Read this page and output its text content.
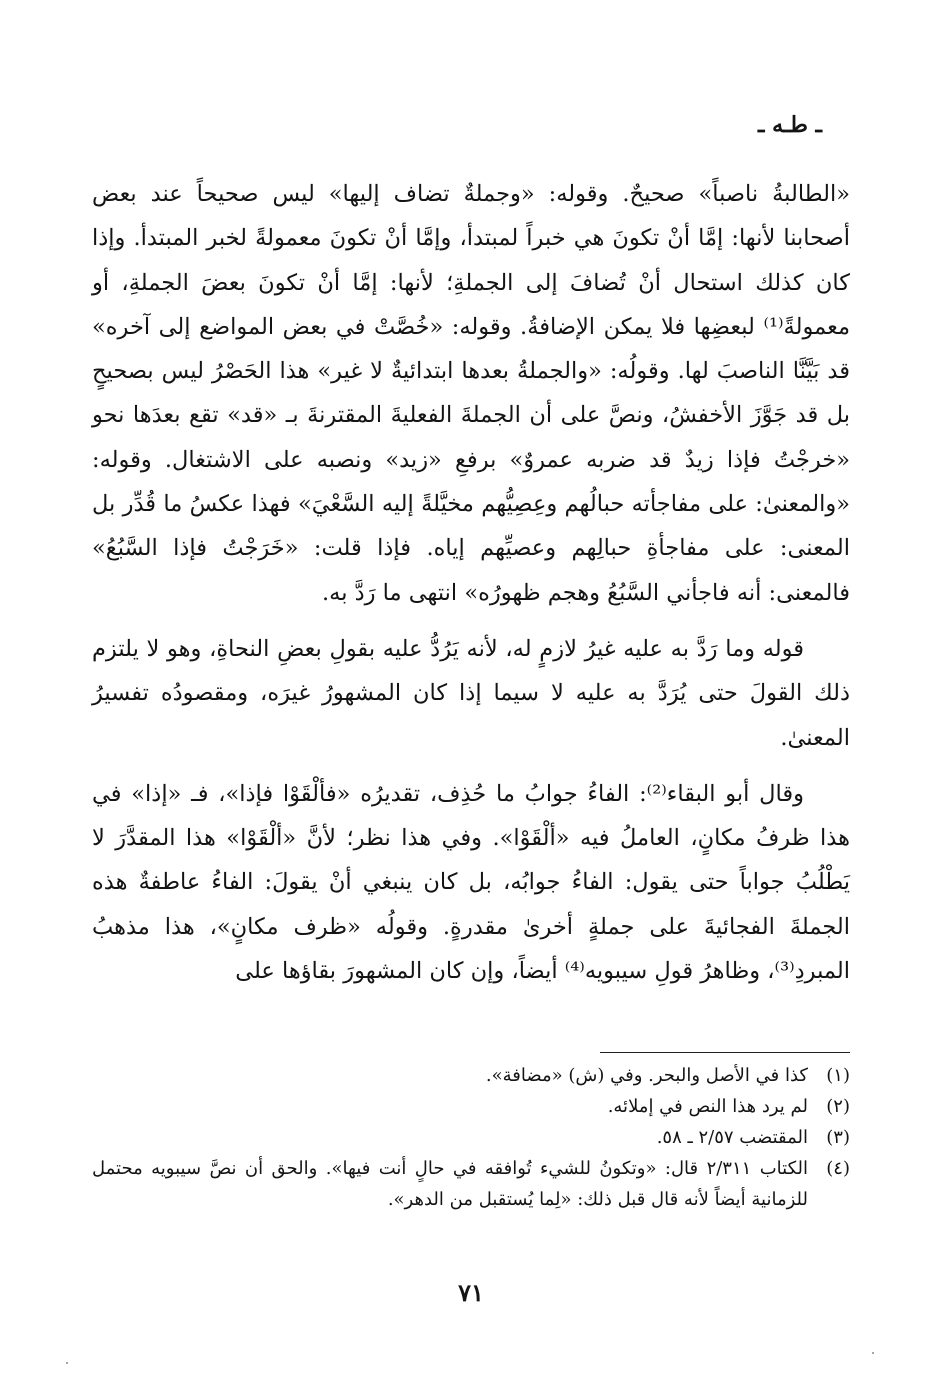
ـ طـه ـ

«الطالبةُ ناصباً» صحيحٌ. وقوله: «وجملةٌ تضاف إليها» ليس صحيحاً عند بعض أصحابنا لأنها: إمَّا أنْ تكونَ هي خبراً لمبتدأ، وإمَّا أنْ تكونَ معمولةً لخبر المبتدأ. وإذا كان كذلك استحال أنْ تُضافَ إلى الجملةِ؛ لأنها: إمَّا أنْ تكونَ بعضَ الجملةِ، أو معمولةً⁽¹⁾ لبعضِها فلا يمكن الإضافةُ. وقوله: «خُصَّتْ في بعض المواضع إلى آخره» قد بَيَّنَّا الناصبَ لها. وقولُه: «والجملةُ بعدها ابتدائيةٌ لا غير» هذا الحَصْرُ ليس بصحيحٍ بل قد جَوَّزَ الأخفشُ، ونصَّ على أن الجملةَ الفعليةَ المقترنةَ بـ «قد» تقع بعدَها نحو «خرجْتُ فإذا زيدٌ قد ضربه عمروٌ» برفعِ «زيد» ونصبه على الاشتغال. وقوله: «والمعنىٰ: على مفاجأته حبالُهم وعِصِيُّهم مخيَّلةً إليه السَّعْيَ» فهذا عكسُ ما قُدِّر بل المعنى: على مفاجأةِ حبالِهم وعصيِّهم إياه. فإذا قلت: «خَرَجْتُ فإذا السَّبُعُ» فالمعنى: أنه فاجأني السَّبُعُ وهجم ظهورُه» انتهى ما رَدَّ به.

قوله وما رَدَّ به عليه غيرُ لازمٍ له، لأنه يَرُدُّ عليه بقولِ بعضِ النحاةِ، وهو لا يلتزم ذلك القولَ حتى يُرَدَّ به عليه لا سيما إذا كان المشهورُ غيرَه، ومقصودُه تفسيرُ المعنىٰ.

وقال أبو البقاء⁽²⁾: الفاءُ جوابُ ما حُذِف، تقديرُه «فألْقَوْا فإذا»، فـ «إذا» في هذا ظرفُ مكانٍ، العاملُ فيه «ألْقَوْا». وفي هذا نظر؛ لأنَّ «ألْقَوْا» هذا المقدَّرَ لا يَطْلُبُ جواباً حتى يقول: الفاءُ جوابُه، بل كان ينبغي أنْ يقولَ: الفاءُ عاطفةٌ هذه الجملةَ الفجائيةَ على جملةٍ أخرىٰ مقدرةٍ. وقولُه «ظرف مكانٍ»، هذا مذهبُ المبردِ⁽³⁾، وظاهرُ قولِ سيبويه⁽⁴⁾ أيضاً، وإن كان المشهورَ بقاؤها على

(١)
كذا في الأصل والبحر. وفي (ش) «مضافة».
(٢)
لم يرد هذا النص في إملائه.
(٣)
المقتضب ٢/٥٧ ـ ٥٨.
(٤)
الكتاب ٢/٣١١ قال: «وتكونُ للشيء تُوافقه في حالٍ أنت فيها». والحق أن نصَّ سيبويه محتمل للزمانية أيضاً لأنه قال قبل ذلك: «لِما يُستقبل من الدهر».
٧١
